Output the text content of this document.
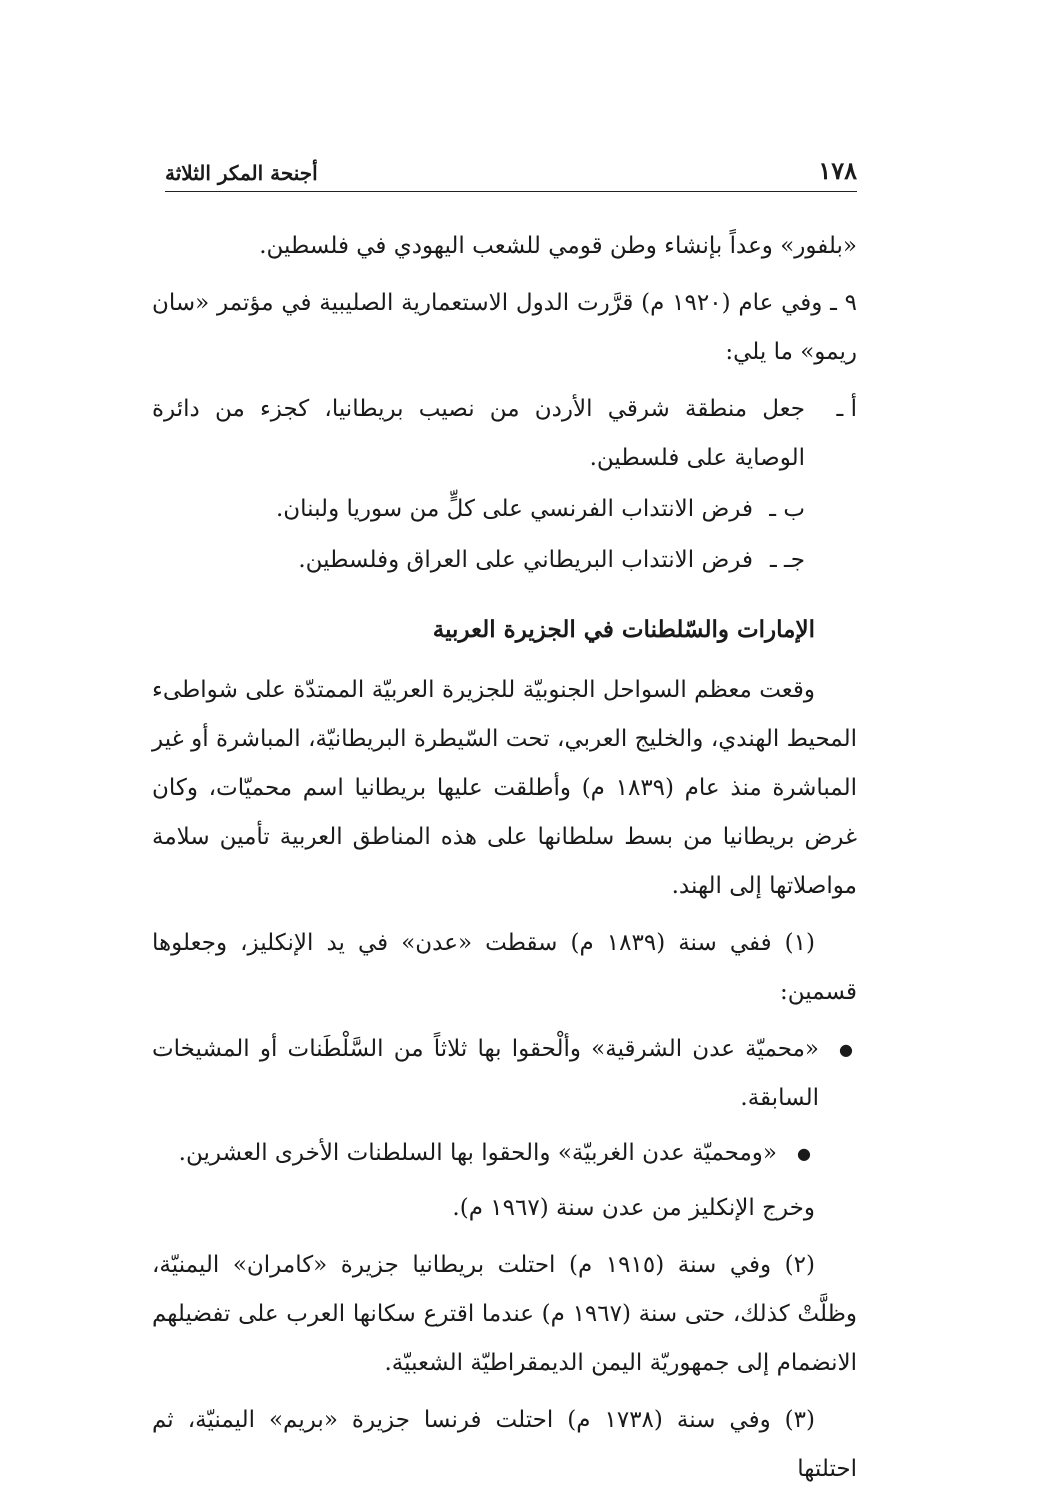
١٧٨
أجنحة المكر الثلاثة

«بلفور» وعداً بإنشاء وطن قومي للشعب اليهودي في فلسطين.

٩ ـ وفي عام (١٩٢٠ م) قرَّرت الدول الاستعمارية الصليبية في مؤتمر «سان ريمو» ما يلي:

أ ـ
جعل منطقة شرقي الأردن من نصيب بريطانيا، كجزء من دائرة الوصاية على فلسطين.
ب ـ
فرض الانتداب الفرنسي على كلٍّ من سوريا ولبنان.
جـ ـ
فرض الانتداب البريطاني على العراق وفلسطين.

الإمارات والسّلطنات في الجزيرة العربية

وقعت معظم السواحل الجنوبيّة للجزيرة العربيّة الممتدّة على شواطىء المحيط الهندي، والخليج العربي، تحت السّيطرة البريطانيّة، المباشرة أو غير المباشرة منذ عام (١٨٣٩ م) وأطلقت عليها بريطانيا اسم محميّات، وكان غرض بريطانيا من بسط سلطانها على هذه المناطق العربية تأمين سلامة مواصلاتها إلى الهند.

(١) ففي سنة (١٨٣٩ م) سقطت «عدن» في يد الإنكليز، وجعلوها قسمين:

●
«محميّة عدن الشرقية» وألْحقوا بها ثلاثاً من السَّلْطَنات أو المشيخات السابقة.
●
«ومحميّة عدن الغربيّة» والحقوا بها السلطنات الأخرى العشرين.

وخرج الإنكليز من عدن سنة (١٩٦٧ م).

(٢) وفي سنة (١٩١٥ م) احتلت بريطانيا جزيرة «كامران» اليمنيّة، وظلَّتْ كذلك، حتى سنة (١٩٦٧ م) عندما اقترع سكانها العرب على تفضيلهم الانضمام إلى جمهوريّة اليمن الديمقراطيّة الشعبيّة.

(٣) وفي سنة (١٧٣٨ م) احتلت فرنسا جزيرة «بريم» اليمنيّة، ثم احتلتها
